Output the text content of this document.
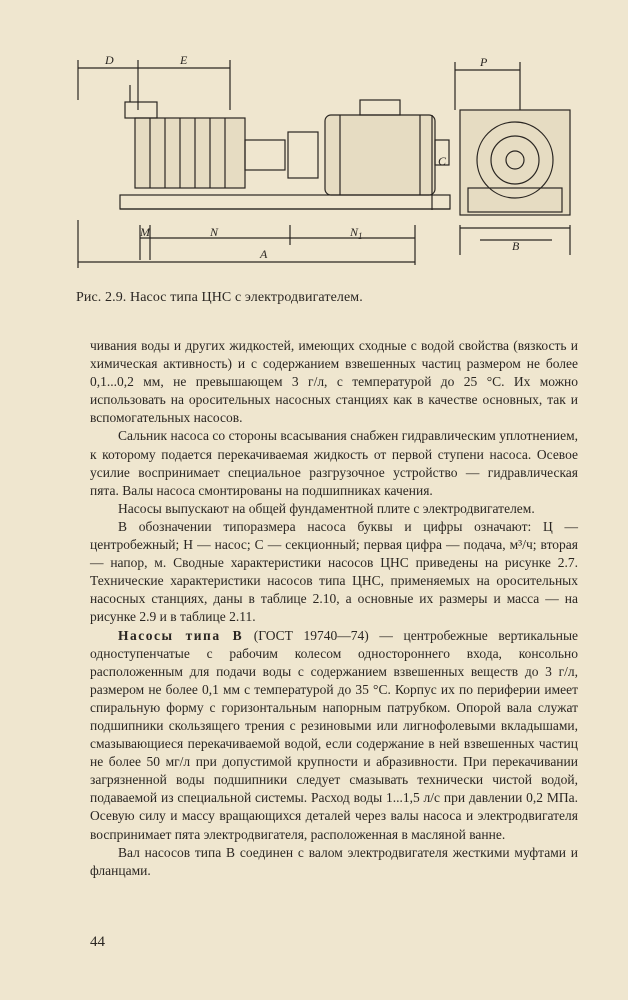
D	E	P
M	N	$N_1$
A
B
C
Рис. 2.9. Насос типа ЦНС с электродвигателем.

чивания воды и других жидкостей, имеющих сходные с водой свойства (вязкость и химическая активность) и с содержанием взвешенных частиц размером не более 0,1...0,2 мм, не превышающем 3 г/л, с температурой до 25 °С. Их можно использовать на оросительных насосных станциях как в качестве основных, так и вспомогательных насосов.

Сальник насоса со стороны всасывания снабжен гидравлическим уплотнением, к которому подается перекачиваемая жидкость от первой ступени насоса. Осевое усилие воспринимает специальное разгрузочное устройство — гидравлическая пята. Валы насоса смонтированы на подшипниках качения.

Насосы выпускают на общей фундаментной плите с электродвигателем.

В обозначении типоразмера насоса буквы и цифры означают: Ц — центробежный; Н — насос; С — секционный; первая цифра — подача, м³/ч; вторая — напор, м. Сводные характеристики насосов ЦНС приведены на рисунке 2.7. Технические характеристики насосов типа ЦНС, применяемых на оросительных насосных станциях, даны в таблице 2.10, а основные их размеры и масса — на рисунке 2.9 и в таблице 2.11.

Насосы типа В (ГОСТ 19740—74) — центробежные вертикальные одноступенчатые с рабочим колесом одностороннего входа, консольно расположенным для подачи воды с содержанием взвешенных веществ до 3 г/л, размером не более 0,1 мм с температурой до 35 °С. Корпус их по периферии имеет спиральную форму с горизонтальным напорным патрубком. Опорой вала служат подшипники скользящего трения с резиновыми или лигнофолевыми вкладышами, смазывающиеся перекачиваемой водой, если содержание в ней взвешенных частиц не более 50 мг/л при допустимой крупности и абразивности. При перекачивании загрязненной воды подшипники следует смазывать технически чистой водой, подаваемой из специальной системы. Расход воды 1...1,5 л/с при давлении 0,2 МПа. Осевую силу и массу вращающихся деталей через валы насоса и электродвигателя воспринимает пята электродвигателя, расположенная в масляной ванне.

Вал насосов типа В соединен с валом электродвигателя жесткими муфтами и фланцами.

44
